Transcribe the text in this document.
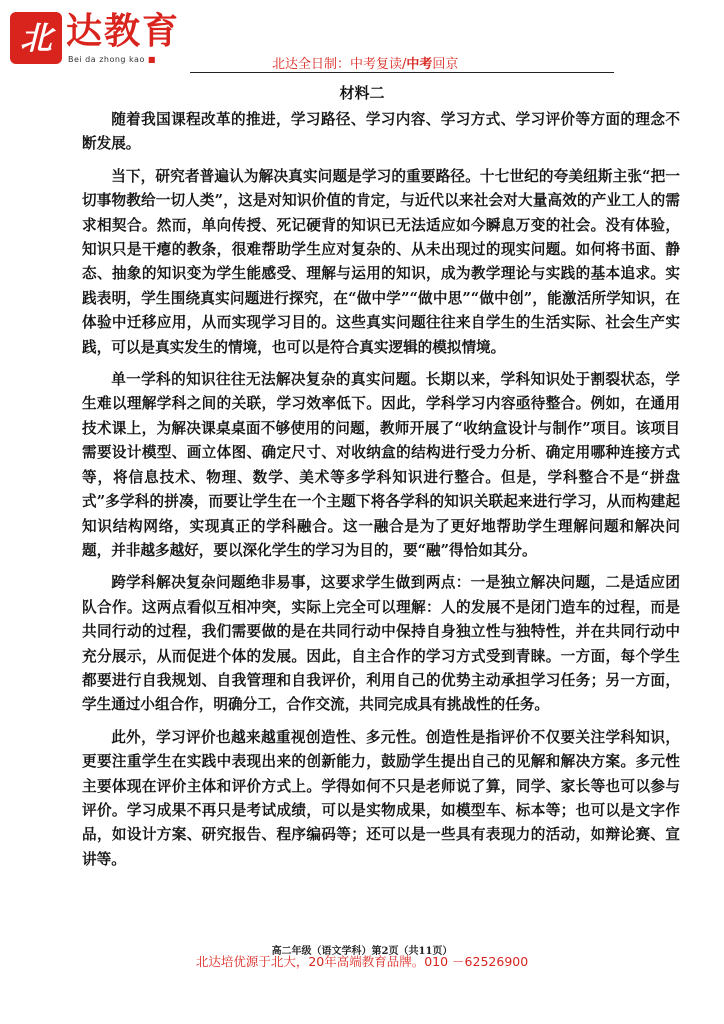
北 达教育
Bei da zhong kao ■	北达全日制：中考复读/中考回京
材料二

随着我国课程改革的推进，学习路径、学习内容、学习方式、学习评价等方面的理念不断发展。

当下，研究者普遍认为解决真实问题是学习的重要路径。十七世纪的夸美纽斯主张“把一切事物教给一切人类”，这是对知识价值的肯定，与近代以来社会对大量高效的产业工人的需求相契合。然而，单向传授、死记硬背的知识已无法适应如今瞬息万变的社会。没有体验，知识只是干瘪的教条，很难帮助学生应对复杂的、从未出现过的现实问题。如何将书面、静态、抽象的知识变为学生能感受、理解与运用的知识，成为教学理论与实践的基本追求。实践表明，学生围绕真实问题进行探究，在“做中学”“做中思”“做中创”，能激活所学知识，在体验中迁移应用，从而实现学习目的。这些真实问题往往来自学生的生活实际、社会生产实践，可以是真实发生的情境，也可以是符合真实逻辑的模拟情境。

单一学科的知识往往无法解决复杂的真实问题。长期以来，学科知识处于割裂状态，学生难以理解学科之间的关联，学习效率低下。因此，学科学习内容亟待整合。例如，在通用技术课上，为解决课桌桌面不够使用的问题，教师开展了“收纳盒设计与制作”项目。该项目需要设计模型、画立体图、确定尺寸、对收纳盒的结构进行受力分析、确定用哪种连接方式等，将信息技术、物理、数学、美术等多学科知识进行整合。但是，学科整合不是“拼盘式”多学科的拼凑，而要让学生在一个主题下将各学科的知识关联起来进行学习，从而构建起知识结构网络，实现真正的学科融合。这一融合是为了更好地帮助学生理解问题和解决问题，并非越多越好，要以深化学生的学习为目的，要“融”得恰如其分。

跨学科解决复杂问题绝非易事，这要求学生做到两点：一是独立解决问题，二是适应团队合作。这两点看似互相冲突，实际上完全可以理解：人的发展不是闭门造车的过程，而是共同行动的过程，我们需要做的是在共同行动中保持自身独立性与独特性，并在共同行动中充分展示，从而促进个体的发展。因此，自主合作的学习方式受到青睐。一方面，每个学生都要进行自我规划、自我管理和自我评价，利用自己的优势主动承担学习任务；另一方面，学生通过小组合作，明确分工，合作交流，共同完成具有挑战性的任务。

此外，学习评价也越来越重视创造性、多元性。创造性是指评价不仅要关注学科知识，更要注重学生在实践中表现出来的创新能力，鼓励学生提出自己的见解和解决方案。多元性主要体现在评价主体和评价方式上。学得如何不只是老师说了算，同学、家长等也可以参与评价。学习成果不再只是考试成绩，可以是实物成果，如模型车、标本等；也可以是文字作品，如设计方案、研究报告、程序编码等；还可以是一些具有表现力的活动，如辩论赛、宣讲等。

高二年级（语文学科）第2页（共11页）
北达培优源于北大，20年高端教育品牌。010 －62526900
